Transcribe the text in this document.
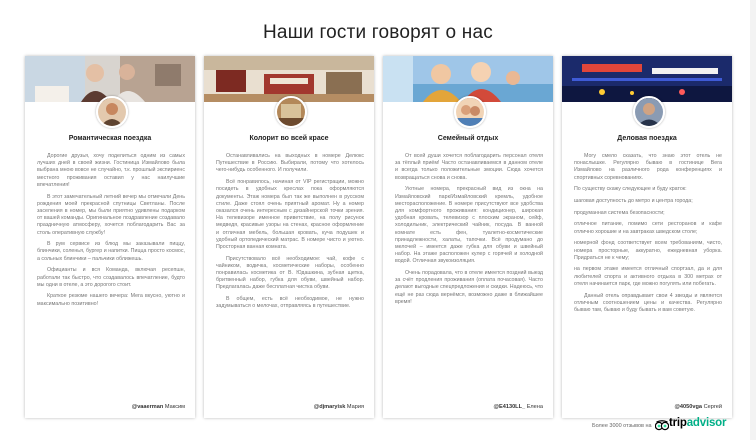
Наши гости говорят о нас
Романтическая поездка

Дорогие друзья, хочу поделиться одним из самых лучших дней в своей жизни. Гостиница Измайлово была выбрана мною вовсе не случайно, т.к. прошлый экспириенс местного проживания оставил у нас наилучшие впечатления!

В этот замечательный летний вечер мы отмечали День рождения моей прекрасной спутницы Светланы. После заселения в номер, мы были приятно удивлены подарком от вашей команды. Оригинальное поздравление создавало праздничную атмосферу, хочется поблагодарить Вас за столь оперативную службу!

В рум сервисе из блюд мы заказывали пиццу, блинчики, соленья, бургер и напитки. Пицца просто космос, а сольных блинчики – пальчики оближешь.

Официанты и вся Команда, включая ресепшн, работали так быстро, что создавалось впечатление, будто мы одни в отеле, а это дорогого стоит.

Краткое резюме нашего вечера: Мега вкусно, уютно и максимально позитивно!

@vaaerman Максим
Колорит во всей красе

Останавливались на выходных в номере Делюкс Путешествие в Россию. Выбирали, потому что хотелось чего-нибудь особенного. И получили.

Всё понравилось, начиная от VIP регистрации, можно посидеть в удобных креслах пока оформляются документы. Этаж номера был так же выполнен в русском стиле. Даже стоял очень приятный аромат. Ну а номер оказался очень интересным с дизайнерской точки зрения. На телевизоре именное приветствие, на полу рисунок медведя, красивые узоры на стенах, красное оформление и отличная мебель, большая кровать, куча подушек и удобный ортопедический матрас. В номере чисто и уютно. Просторная ванная комната.

Присутствовало всё необходимое: чай, кофе с чайником, водичка, косметические наборы, особенно понравилась косметика от В. Юдашкина, зубная щетка, бритвенный набор, губка для обуви, швейный набор. Предлагалась даже бесплатная чистка обуви.

В общем, есть всё необходимое, не нужно задумываться о мелочах, отправляясь в путешествие.

@djmaryisk Мария
Семейный отдых

От всей души хочется поблагодарить персонал отеля за тёплый приём! Часто останавливаемся в данном отеле и всегда только положительные эмоции. Сюда хочется возвращаться снова и снова.

Уютные номера, прекрасный вид из окна на Измайловский парк/Измайловский кремль, удобное месторасположение. В номере присутствуют все удобства для комфортного проживания: кондиционер, широкая удобная кровать, телевизор с плоским экраном, сейф, холодильник, электрический чайник, посуда. В ванной комнате есть фен, туалетно-косметические принадлежности, халаты, тапочки. Всё продумано до мелочей – имеется даже губка для обуви и швейный набор. На этаже расположен кулер с горячей и холодной водой. Отличная звукоизоляция.

Очень порадовала, что в отеле имеется поздний выезд за счёт продления проживания (оплата почасовая). Часто делают выгодные спецпредложения и скидки. Надеюсь, что ещё не раз сюда вернёмся, возможно даже в ближайшее время!

@E4130LL_ Елена
Деловая поездка

Могу смело сказать, что знаю этот отель не понаслышке. Регулярно бываю в гостинице Вега Измайлово на различного рода конференциях и спортивных соревнованиях.

По существу скажу следующее и буду краток:

шаговая доступность до метро и центра города;

продуманная система безопасности;

отличное питание, помимо сети ресторанов и кафе отлично хорошие и на завтраках шведском столе;

номерной фонд соответствует всем требованиям, чисто, номера просторные, аккуратно, ежедневная уборка. Придраться не к чему;

на первом этаже имеется отличный спортзал, да и для любителей спорта и активного отдыха в 300 метрах от отеля начинается парк, где можно погулять или побегать.

Данный отель оправдывает свои 4 звезды и является отличным соотношением цены и качества. Регулярно бываю там, бываю и буду бывать и вам советую.

@4050vga Сергей
Более 3000 отзывов на tripadvisor
